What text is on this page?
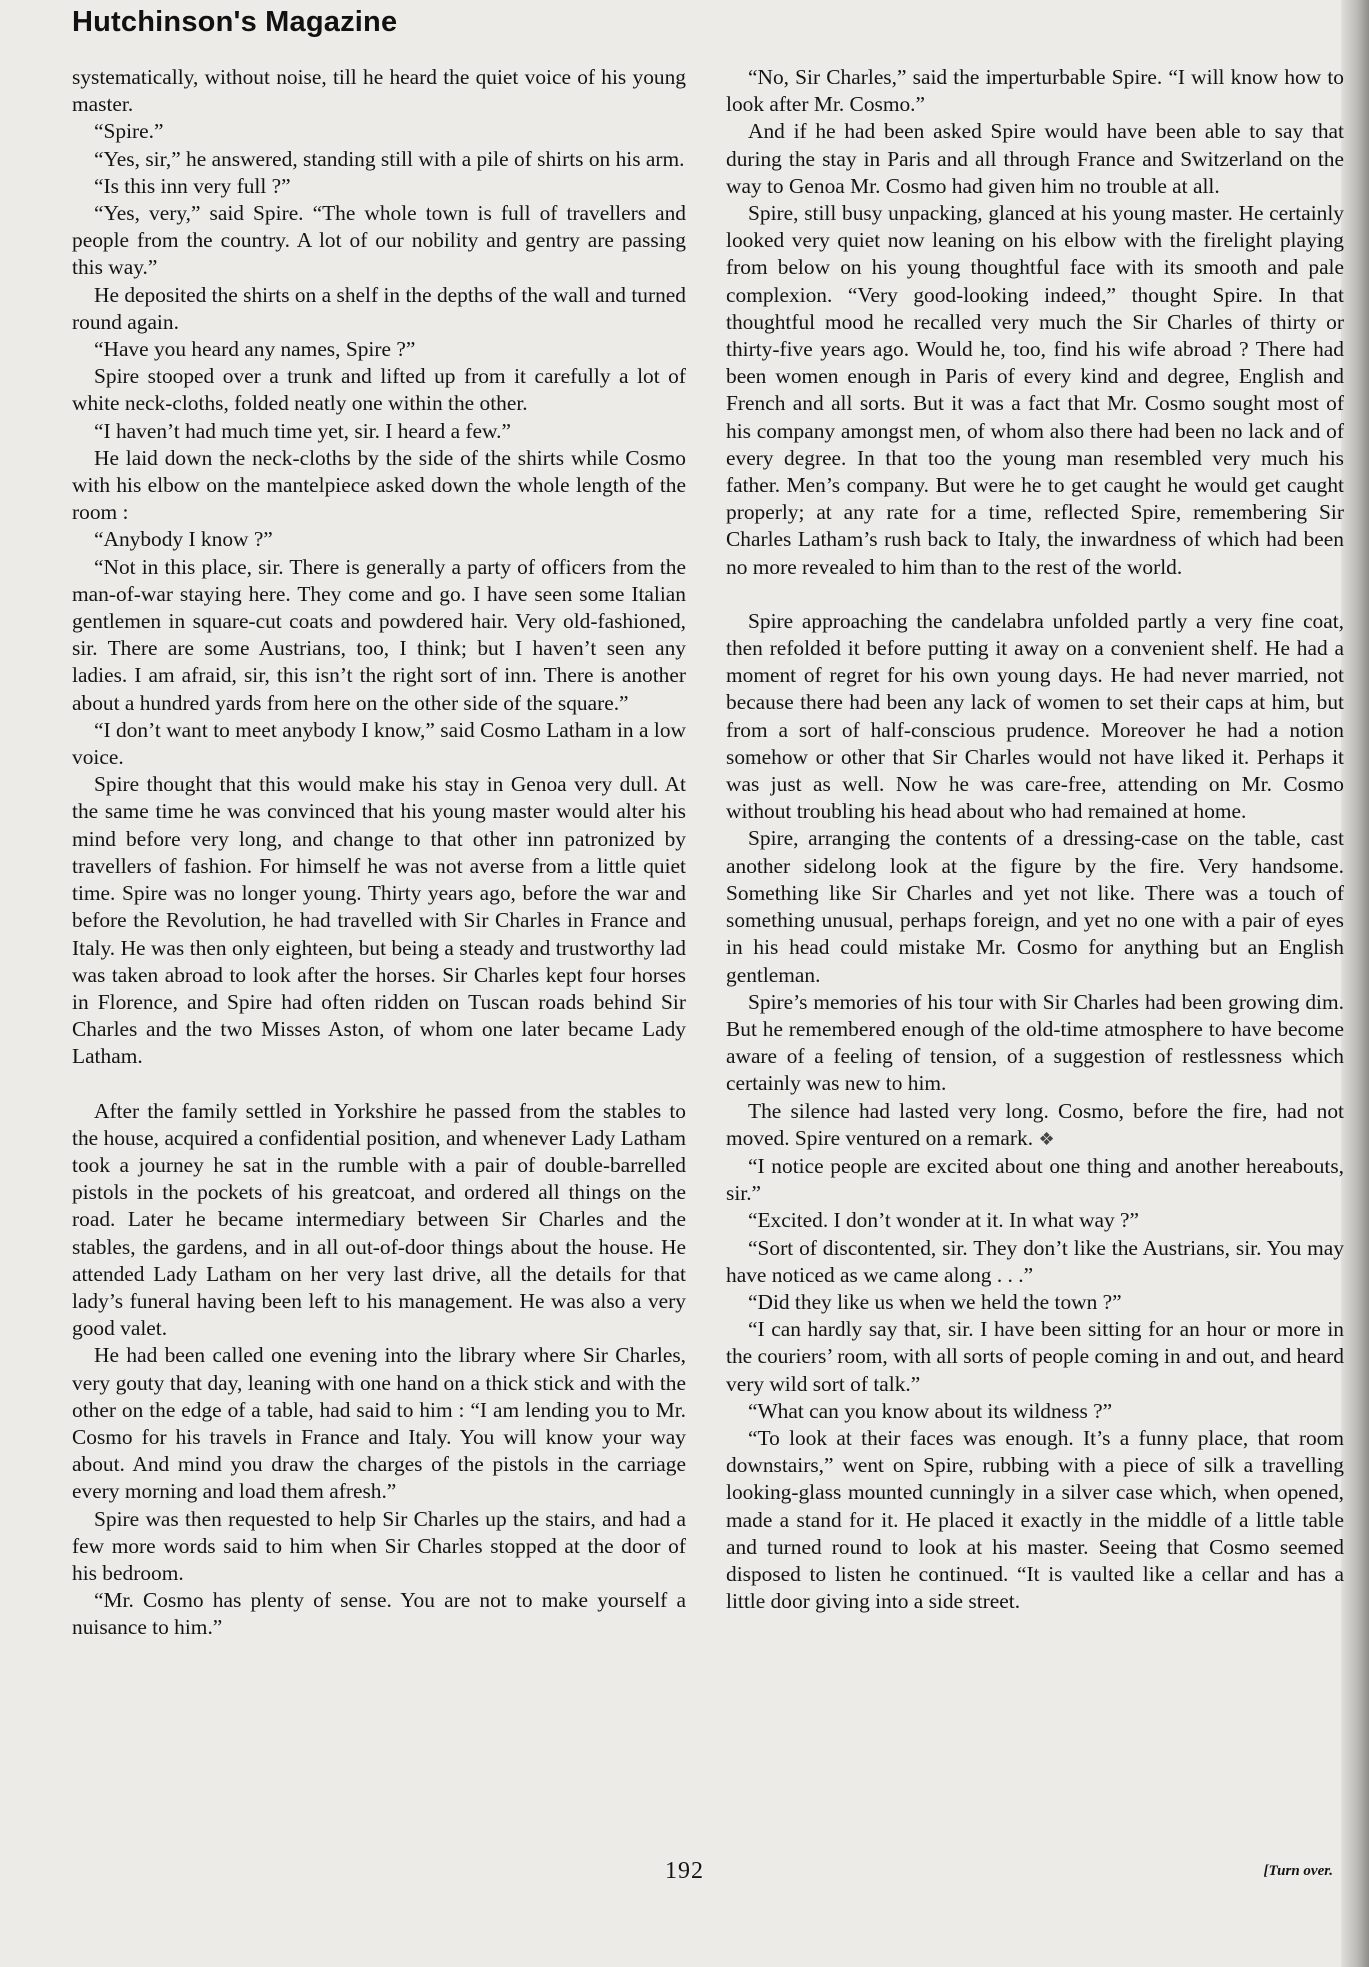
Hutchinson's Magazine

systematically, without noise, till he heard the quiet voice of his young master.

“Spire.”

“Yes, sir,” he answered, standing still with a pile of shirts on his arm.

“Is this inn very full ?”

“Yes, very,” said Spire. “The whole town is full of travellers and people from the country. A lot of our nobility and gentry are passing this way.”

He deposited the shirts on a shelf in the depths of the wall and turned round again.

“Have you heard any names, Spire ?”

Spire stooped over a trunk and lifted up from it carefully a lot of white neck-cloths, folded neatly one within the other.

“I haven’t had much time yet, sir. I heard a few.”

He laid down the neck-cloths by the side of the shirts while Cosmo with his elbow on the mantelpiece asked down the whole length of the room :

“Anybody I know ?”

“Not in this place, sir. There is generally a party of officers from the man-of-war staying here. They come and go. I have seen some Italian gentlemen in square-cut coats and powdered hair. Very old-fashioned, sir. There are some Austrians, too, I think; but I haven’t seen any ladies. I am afraid, sir, this isn’t the right sort of inn. There is another about a hundred yards from here on the other side of the square.”

“I don’t want to meet anybody I know,” said Cosmo Latham in a low voice.

Spire thought that this would make his stay in Genoa very dull. At the same time he was convinced that his young master would alter his mind before very long, and change to that other inn patronized by travellers of fashion. For himself he was not averse from a little quiet time. Spire was no longer young. Thirty years ago, before the war and before the Revolution, he had travelled with Sir Charles in France and Italy. He was then only eighteen, but being a steady and trustworthy lad was taken abroad to look after the horses. Sir Charles kept four horses in Florence, and Spire had often ridden on Tuscan roads behind Sir Charles and the two Misses Aston, of whom one later became Lady Latham.

After the family settled in Yorkshire he passed from the stables to the house, acquired a confidential position, and whenever Lady Latham took a journey he sat in the rumble with a pair of double-barrelled pistols in the pockets of his greatcoat, and ordered all things on the road. Later he became intermediary between Sir Charles and the stables, the gardens, and in all out-of-door things about the house. He attended Lady Latham on her very last drive, all the details for that lady’s funeral having been left to his management. He was also a very good valet.

He had been called one evening into the library where Sir Charles, very gouty that day, leaning with one hand on a thick stick and with the other on the edge of a table, had said to him : “I am lending you to Mr. Cosmo for his travels in France and Italy. You will know your way about. And mind you draw the charges of the pistols in the carriage every morning and load them afresh.”

Spire was then requested to help Sir Charles up the stairs, and had a few more words said to him when Sir Charles stopped at the door of his bedroom.

“Mr. Cosmo has plenty of sense. You are not to make yourself a nuisance to him.”

“No, Sir Charles,” said the imperturbable Spire. “I will know how to look after Mr. Cosmo.”

And if he had been asked Spire would have been able to say that during the stay in Paris and all through France and Switzerland on the way to Genoa Mr. Cosmo had given him no trouble at all.

Spire, still busy unpacking, glanced at his young master. He certainly looked very quiet now leaning on his elbow with the firelight playing from below on his young thoughtful face with its smooth and pale complexion. “Very good-looking indeed,” thought Spire. In that thoughtful mood he recalled very much the Sir Charles of thirty or thirty-five years ago. Would he, too, find his wife abroad ? There had been women enough in Paris of every kind and degree, English and French and all sorts. But it was a fact that Mr. Cosmo sought most of his company amongst men, of whom also there had been no lack and of every degree. In that too the young man resembled very much his father. Men’s company. But were he to get caught he would get caught properly; at any rate for a time, reflected Spire, remembering Sir Charles Latham’s rush back to Italy, the inwardness of which had been no more revealed to him than to the rest of the world.

Spire approaching the candelabra unfolded partly a very fine coat, then refolded it before putting it away on a convenient shelf. He had a moment of regret for his own young days. He had never married, not because there had been any lack of women to set their caps at him, but from a sort of half-conscious prudence. Moreover he had a notion somehow or other that Sir Charles would not have liked it. Perhaps it was just as well. Now he was care-free, attending on Mr. Cosmo without troubling his head about who had remained at home.

Spire, arranging the contents of a dressing-case on the table, cast another sidelong look at the figure by the fire. Very handsome. Something like Sir Charles and yet not like. There was a touch of something unusual, perhaps foreign, and yet no one with a pair of eyes in his head could mistake Mr. Cosmo for anything but an English gentleman.

Spire’s memories of his tour with Sir Charles had been growing dim. But he remembered enough of the old-time atmosphere to have become aware of a feeling of tension, of a suggestion of restlessness which certainly was new to him.

The silence had lasted very long. Cosmo, before the fire, had not moved. Spire ventured on a remark. ❖

“I notice people are excited about one thing and another hereabouts, sir.”

“Excited. I don’t wonder at it. In what way ?”

“Sort of discontented, sir. They don’t like the Austrians, sir. You may have noticed as we came along . . .”

“Did they like us when we held the town ?”

“I can hardly say that, sir. I have been sitting for an hour or more in the couriers’ room, with all sorts of people coming in and out, and heard very wild sort of talk.”

“What can you know about its wildness ?”

“To look at their faces was enough. It’s a funny place, that room downstairs,” went on Spire, rubbing with a piece of silk a travelling looking-glass mounted cunningly in a silver case which, when opened, made a stand for it. He placed it exactly in the middle of a little table and turned round to look at his master. Seeing that Cosmo seemed disposed to listen he continued. “It is vaulted like a cellar and has a little door giving into a side street.

192	[Turn over.
